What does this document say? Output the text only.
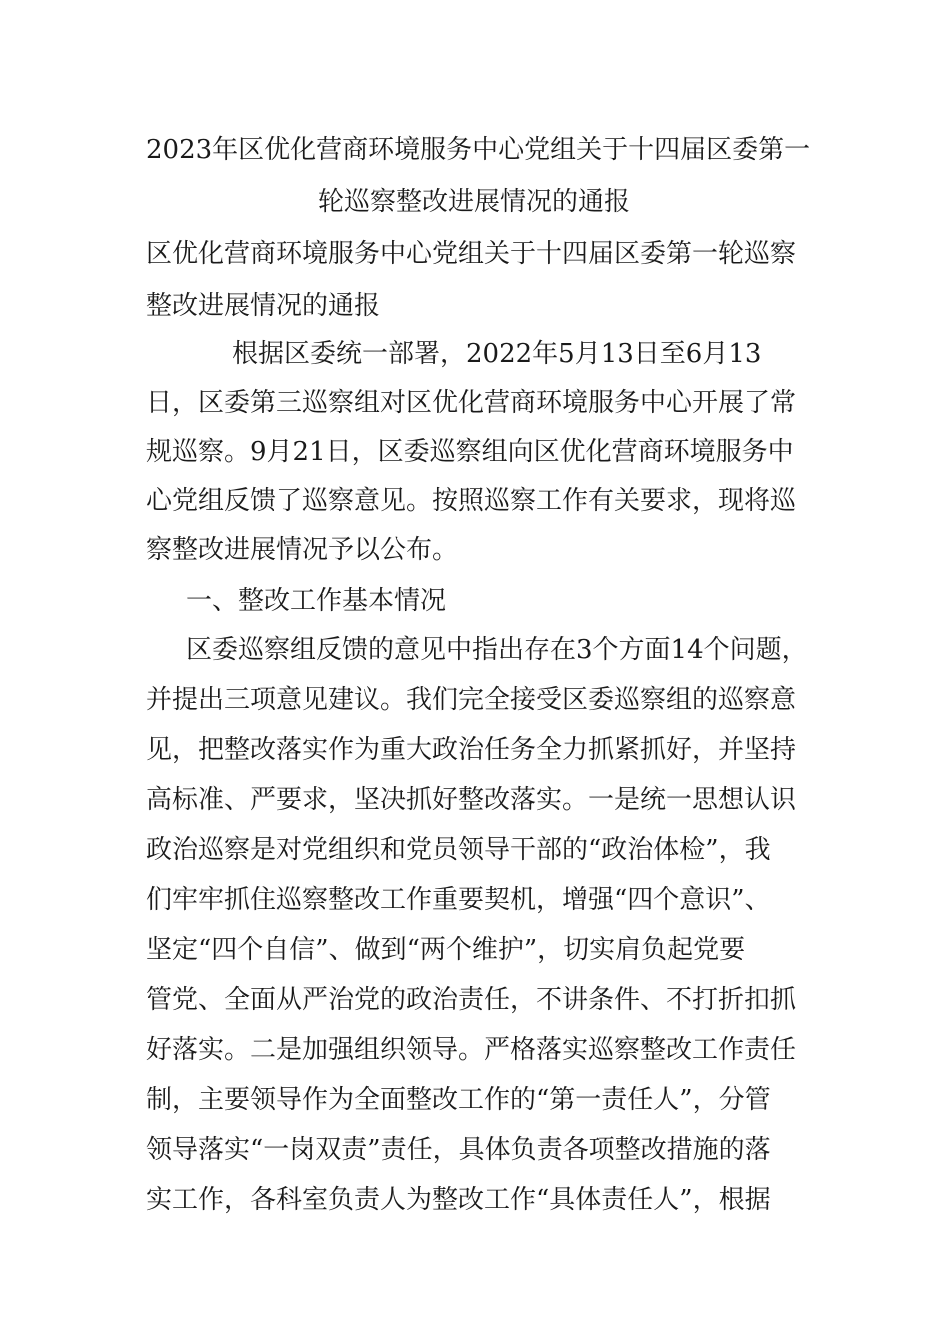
2023年区优化营商环境服务中心党组关于十四届区委第一
轮巡察整改进展情况的通报
区优化营商环境服务中心党组关于十四届区委第一轮巡察
整改进展情况的通报
根据区委统一部署，2022年5月13日至6月13
日，区委第三巡察组对区优化营商环境服务中心开展了常
规巡察。9月21日，区委巡察组向区优化营商环境服务中
心党组反馈了巡察意见。按照巡察工作有关要求，现将巡
察整改进展情况予以公布。
一、整改工作基本情况
区委巡察组反馈的意见中指出存在3个方面14个问题，
并提出三项意见建议。我们完全接受区委巡察组的巡察意
见，把整改落实作为重大政治任务全力抓紧抓好，并坚持
高标准、严要求，坚决抓好整改落实。一是统一思想认识
政治巡察是对党组织和党员领导干部的“政治体检”，我
们牢牢抓住巡察整改工作重要契机，增强“四个意识”、
坚定“四个自信”、做到“两个维护”，切实肩负起党要
管党、全面从严治党的政治责任，不讲条件、不打折扣抓
好落实。二是加强组织领导。严格落实巡察整改工作责任
制，主要领导作为全面整改工作的“第一责任人”，分管
领导落实“一岗双责”责任，具体负责各项整改措施的落
实工作，各科室负责人为整改工作“具体责任人”，根据
